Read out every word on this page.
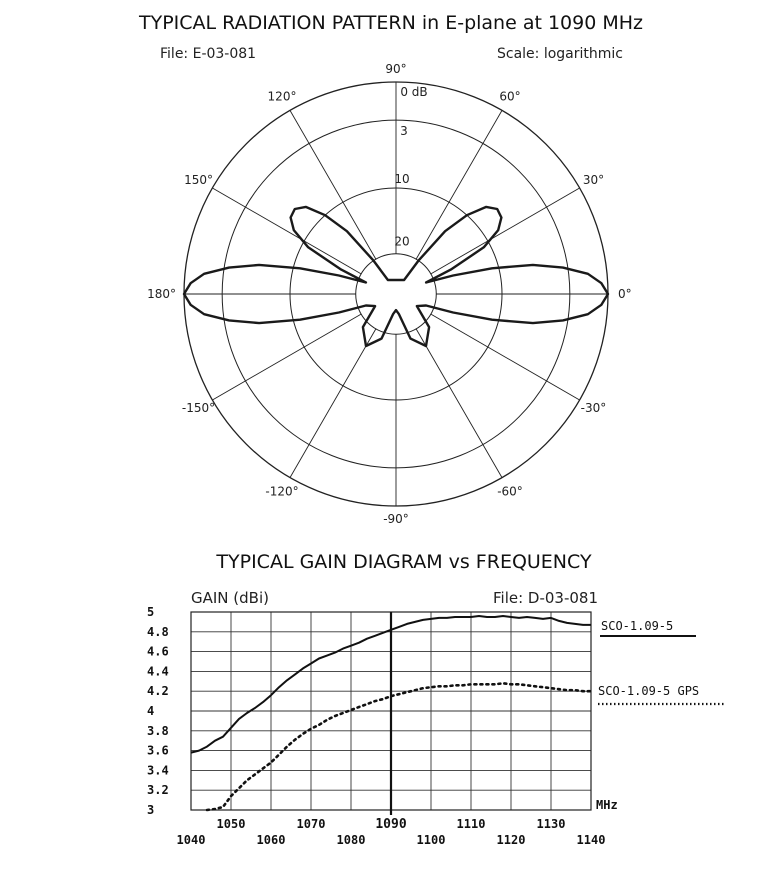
TYPICAL RADIATION PATTERN in E-plane at 1090 MHz
File: E-03-081	Scale: logarithmic
0°
30°
60°
90°
120°
150°
180°
-150°
-120°
-90°
-60°
-30°
0 dB
3
10
20
TYPICAL GAIN DIAGRAM vs FREQUENCY
GAIN (dBi)	File: D-03-081
3
3.2
3.4
3.6
3.8
4
4.2
4.4
4.6
4.8
5
1040	1060	1080	1100	1120	1140
1050	1070	1090	1110	1130
SCO-1.09-5
SCO-1.09-5 GPS
MHz
